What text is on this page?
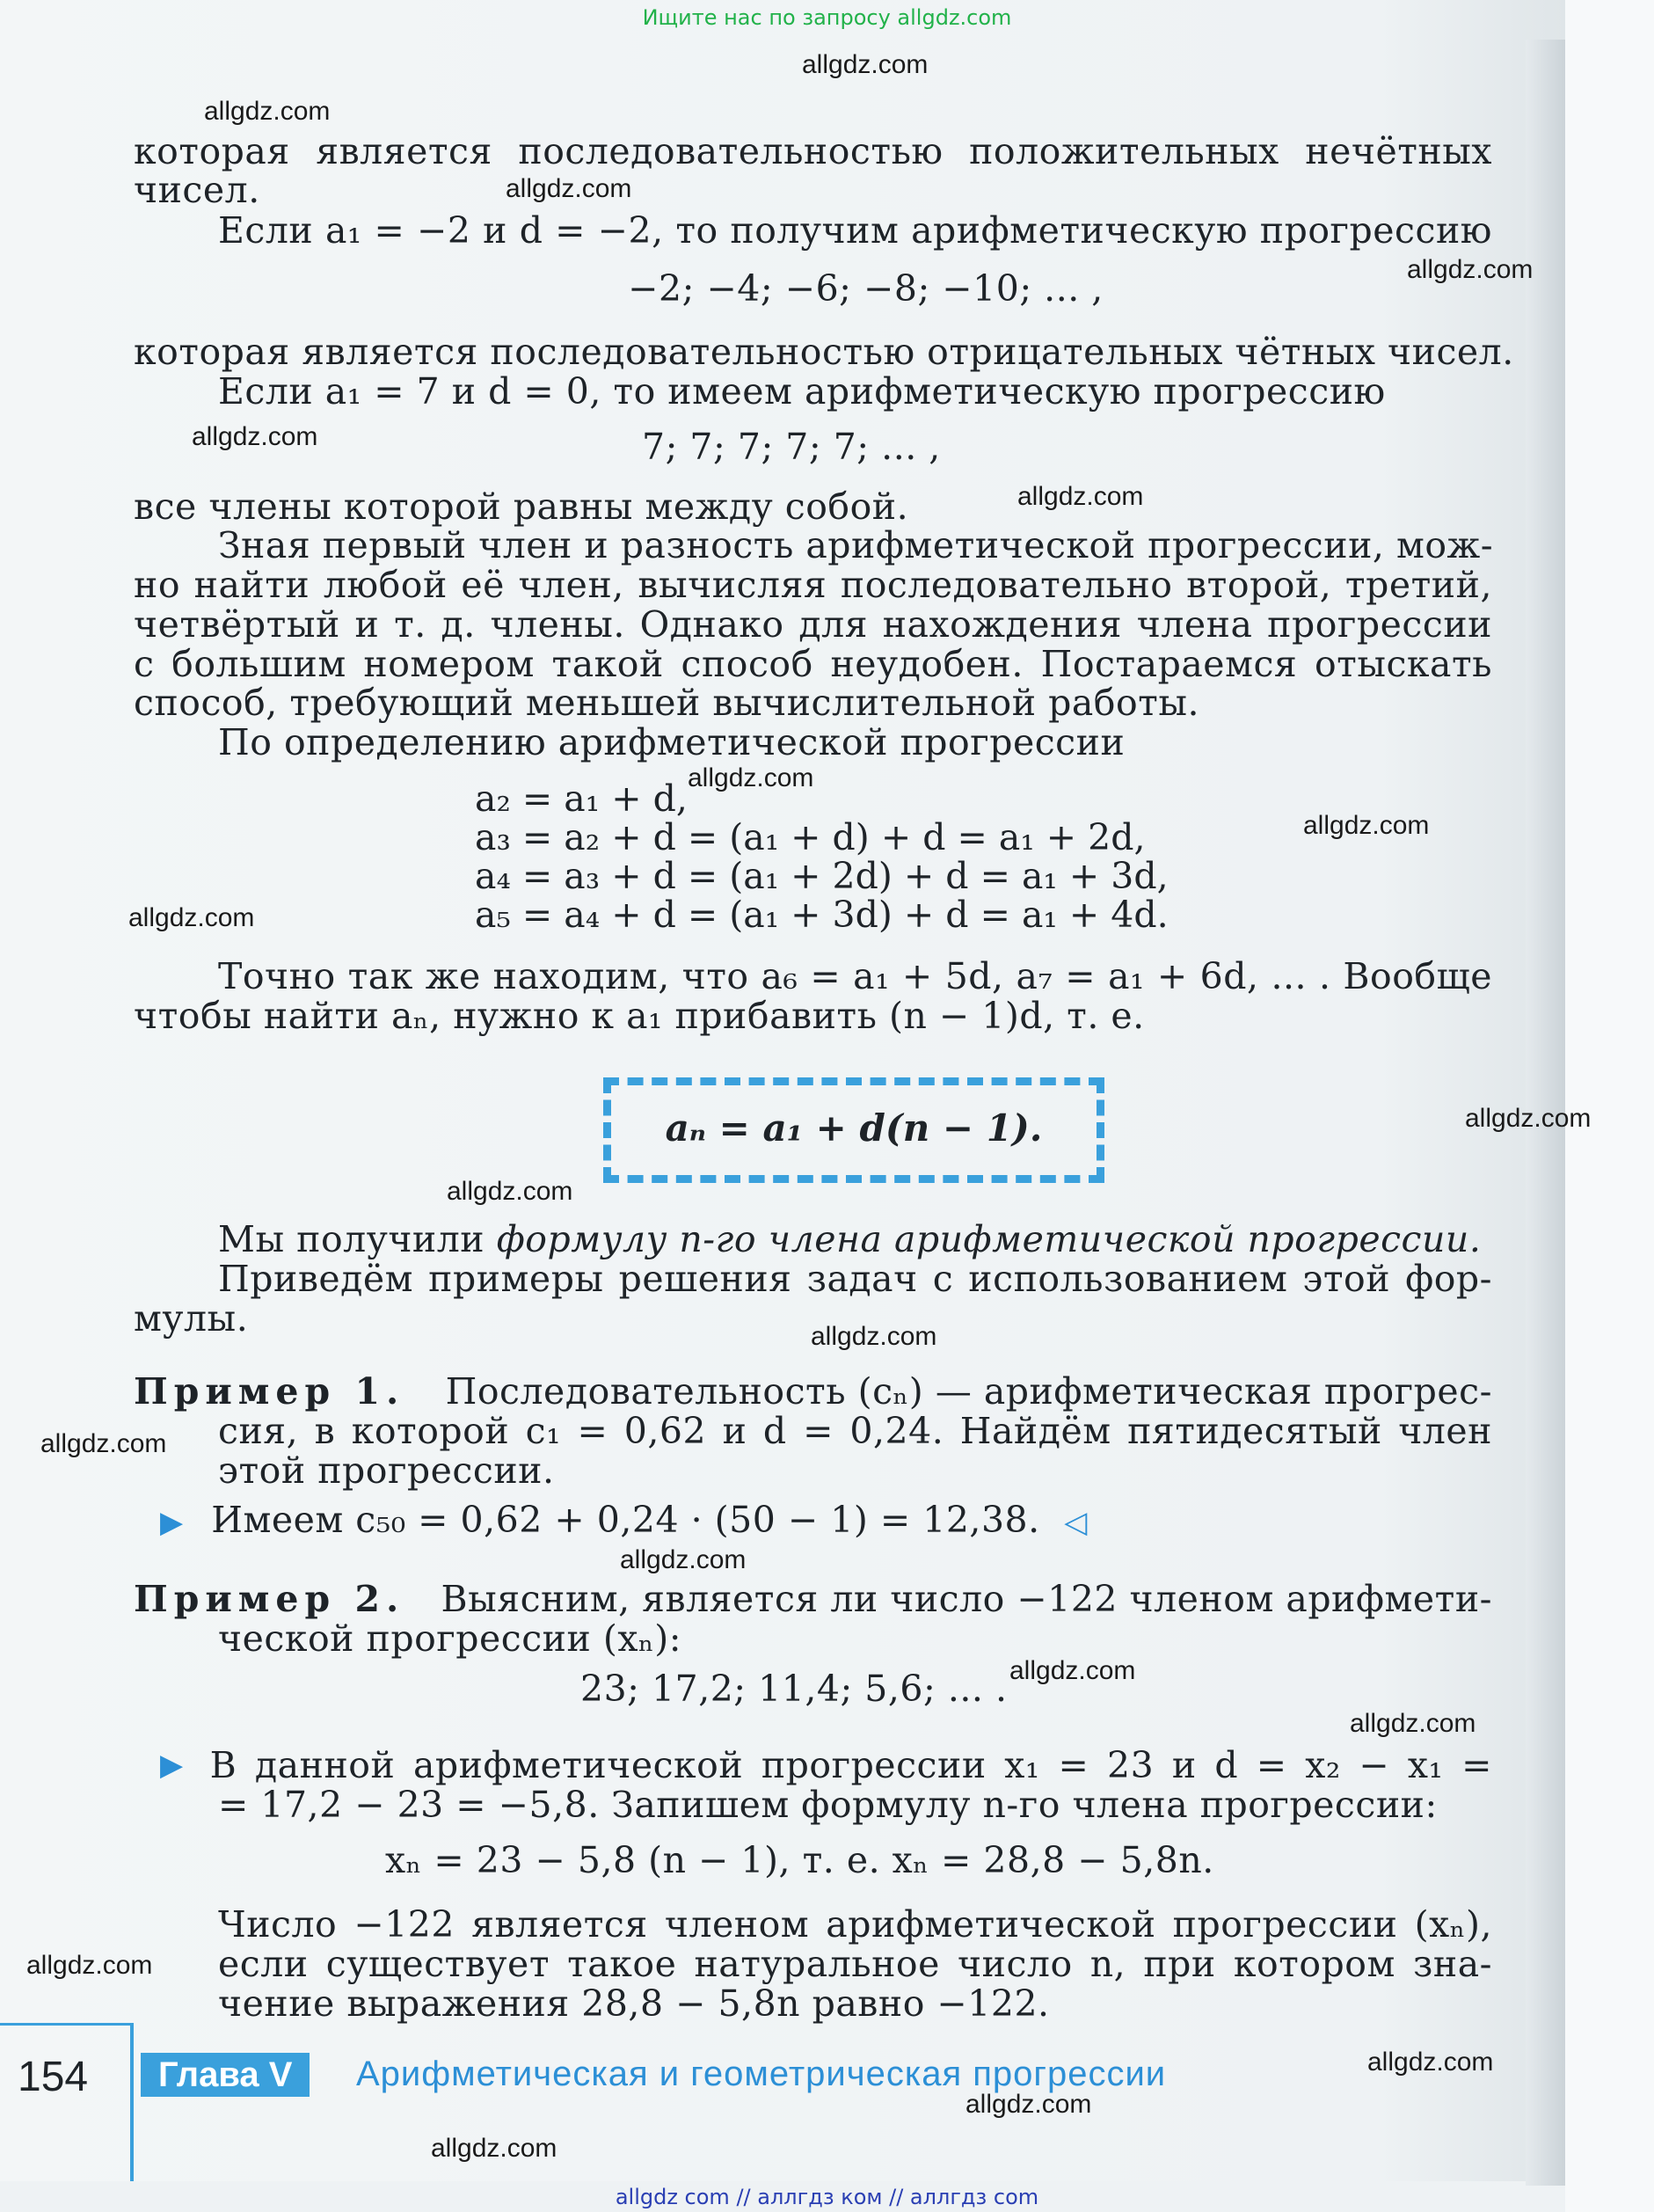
Ищите нас по запросу allgdz.com
allgdz.com
allgdz.com
allgdz.com
allgdz.com
allgdz.com
allgdz.com
allgdz.com
allgdz.com
allgdz.com
allgdz.com
allgdz.com
allgdz.com
allgdz.com
allgdz.com
allgdz.com
allgdz.com
allgdz.com
allgdz.com
allgdz.com
allgdz.com
которая является последовательностью положительных нечётных
чисел.
Если a₁ = −2 и d = −2, то получим арифметическую прогрессию
−2; −4; −6; −8; −10; ... ,
которая является последовательностью отрицательных чётных чисел.
Если a₁ = 7 и d = 0, то имеем арифметическую прогрессию
7; 7; 7; 7; 7; ... ,
все члены которой равны между собой.
Зная первый член и разность арифметической прогрессии, мож-
но найти любой её член, вычисляя последовательно второй, третий,
четвёртый и т. д. члены. Однако для нахождения члена прогрессии
с большим номером такой способ неудобен. Постараемся отыскать
способ, требующий меньшей вычислительной работы.
По определению арифметической прогрессии
a₂ = a₁ + d,
a₃ = a₂ + d = (a₁ + d) + d = a₁ + 2d,
a₄ = a₃ + d = (a₁ + 2d) + d = a₁ + 3d,
a₅ = a₄ + d = (a₁ + 3d) + d = a₁ + 4d.
Точно так же находим, что a₆ = a₁ + 5d, a₇ = a₁ + 6d, ... . Вообще
чтобы найти aₙ, нужно к a₁ прибавить (n − 1)d, т. е.
aₙ = a₁ + d(n − 1).
Мы получили формулу n-го члена арифметической прогрессии.
Приведём примеры решения задач с использованием этой фор-
мулы.
Пример 1. Последовательность (cₙ) — арифметическая прогрес-
сия, в которой c₁ = 0,62 и d = 0,24. Найдём пятидесятый член
этой прогрессии.
▶ Имеем c₅₀ = 0,62 + 0,24 · (50 − 1) = 12,38. ◁
Пример 2. Выясним, является ли число −122 членом арифмети-
ческой прогрессии (xₙ):
23; 17,2; 11,4; 5,6; ... .
▶ В данной арифметической прогрессии x₁ = 23 и d = x₂ − x₁ =
= 17,2 − 23 = −5,8. Запишем формулу n-го члена прогрессии:
xₙ = 23 − 5,8 (n − 1), т. е. xₙ = 28,8 − 5,8n.
Число −122 является членом арифметической прогрессии (xₙ),
если существует такое натуральное число n, при котором зна-
чение выражения 28,8 − 5,8n равно −122.
154	Глава V	Арифметическая и геометрическая прогрессии
allgdz com // аллгдз ком // аллгдз com
